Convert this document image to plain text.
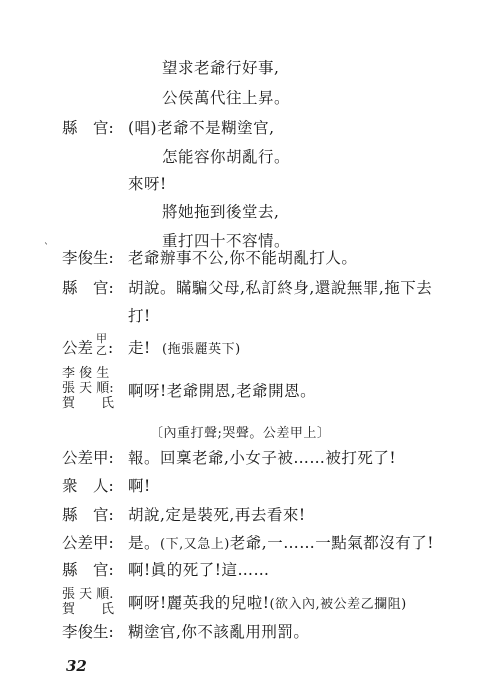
望求老爺行好事,
公侯萬代往上昇。
縣　官: (唱)老爺不是糊塗官,
怎能容你胡亂行。
來呀!
將她拖到後堂去,
重打四十不容情。
`
李俊生: 老爺辦事不公,你不能胡亂打人。
縣　官: 胡說。瞞騙父母,私訂終身,還說無罪,拖下去
打!
公差
甲
乙 : 走! (拖張麗英下)
李 俊 生
張 天 順:
賀　　氏
啊呀!老爺開恩,老爺開恩。
〔內重打聲;哭聲。公差甲上〕
公差甲: 報。回稟老爺,小女子被……被打死了!
衆　人: 啊!
縣　官: 胡說,定是裝死,再去看來!
公差甲: 是。(下,又急上)老爺,一……一點氣都沒有了!
縣　官: 啊!眞的死了!這……
張 天 順.
賀　　氏 啊呀!麗英我的兒啦!(欲入內,被公差乙攔阻)
李俊生: 糊塗官,你不該亂用刑罰。
32
